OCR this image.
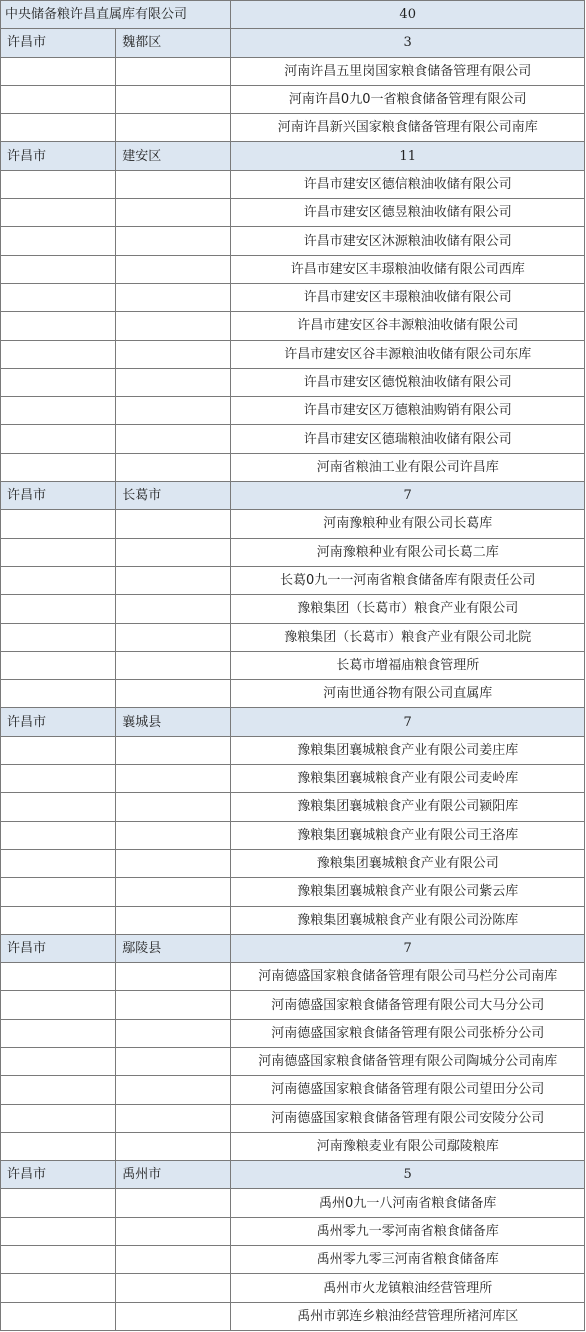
中央储备粮许昌直属库有限公司		40
许昌市	魏都区	3
		河南许昌五里岗国家粮食储备管理有限公司
		河南许昌0九0一省粮食储备管理有限公司
		河南许昌新兴国家粮食储备管理有限公司南库
许昌市	建安区	11
		许昌市建安区德信粮油收储有限公司
		许昌市建安区德昱粮油收储有限公司
		许昌市建安区沐源粮油收储有限公司
		许昌市建安区丰璟粮油收储有限公司西库
		许昌市建安区丰璟粮油收储有限公司
		许昌市建安区谷丰源粮油收储有限公司
		许昌市建安区谷丰源粮油收储有限公司东库
		许昌市建安区德悦粮油收储有限公司
		许昌市建安区万德粮油购销有限公司
		许昌市建安区德瑞粮油收储有限公司
		河南省粮油工业有限公司许昌库
许昌市	长葛市	7
		河南豫粮种业有限公司长葛库
		河南豫粮种业有限公司长葛二库
		长葛0九一一河南省粮食储备库有限责任公司
		豫粮集团（长葛市）粮食产业有限公司
		豫粮集团（长葛市）粮食产业有限公司北院
		长葛市增福庙粮食管理所
		河南世通谷物有限公司直属库
许昌市	襄城县	7
		豫粮集团襄城粮食产业有限公司姜庄库
		豫粮集团襄城粮食产业有限公司麦岭库
		豫粮集团襄城粮食产业有限公司颍阳库
		豫粮集团襄城粮食产业有限公司王洛库
		豫粮集团襄城粮食产业有限公司
		豫粮集团襄城粮食产业有限公司紫云库
		豫粮集团襄城粮食产业有限公司汾陈库
许昌市	鄢陵县	7
		河南德盛国家粮食储备管理有限公司马栏分公司南库
		河南德盛国家粮食储备管理有限公司大马分公司
		河南德盛国家粮食储备管理有限公司张桥分公司
		河南德盛国家粮食储备管理有限公司陶城分公司南库
		河南德盛国家粮食储备管理有限公司望田分公司
		河南德盛国家粮食储备管理有限公司安陵分公司
		河南豫粮麦业有限公司鄢陵粮库
许昌市	禹州市	5
		禹州0九一八河南省粮食储备库
		禹州零九一零河南省粮食储备库
		禹州零九零三河南省粮食储备库
		禹州市火龙镇粮油经营管理所
		禹州市郭连乡粮油经营管理所褚河库区
